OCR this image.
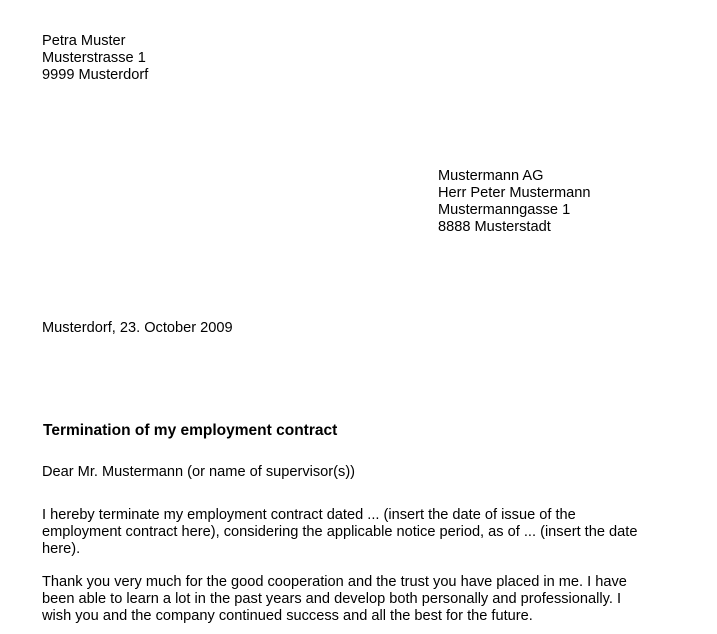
Petra Muster
Musterstrasse 1
9999 Musterdorf
Mustermann AG
Herr Peter Mustermann
Mustermanngasse 1
8888 Musterstadt
Musterdorf, 23. October 2009
Termination of my employment contract
Dear Mr. Mustermann (or name of supervisor(s))
I hereby terminate my employment contract dated ... (insert the date of issue of the employment contract here), considering the applicable notice period, as of ... (insert the date here).
Thank you very much for the good cooperation and the trust you have placed in me. I have been able to learn a lot in the past years and develop both personally and professionally. I wish you and the company continued success and all the best for the future.
